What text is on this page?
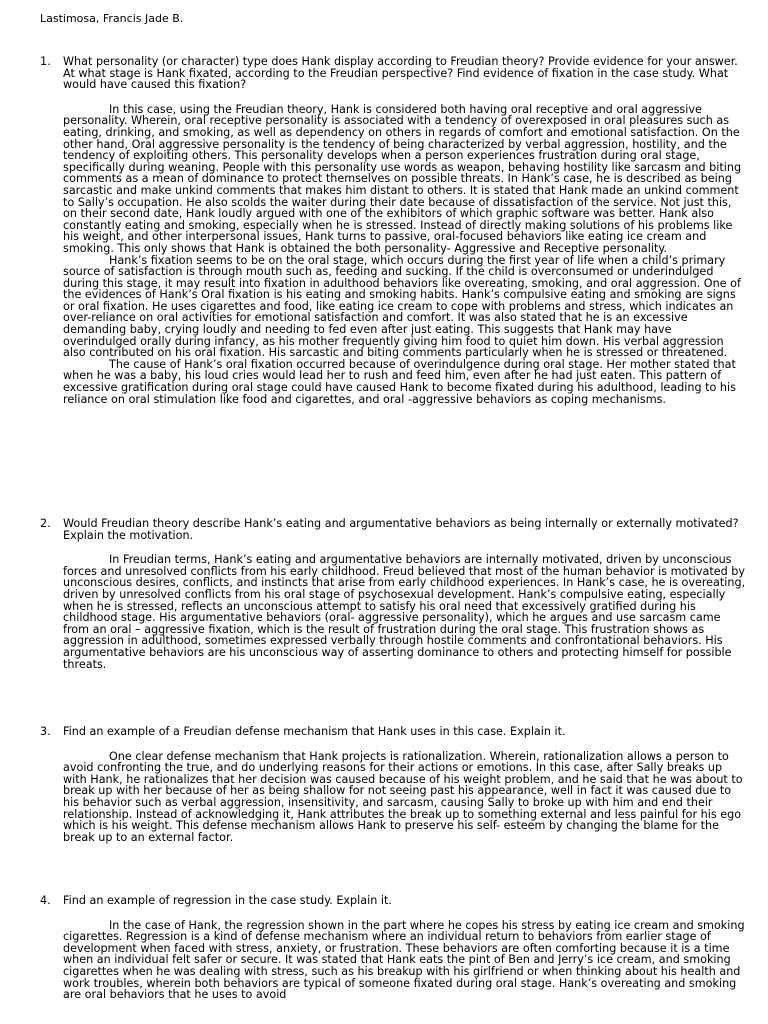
Lastimosa, Francis Jade B.
1.	What personality (or character) type does Hank display according to Freudian theory? Provide evidence for your answer. At what stage is Hank fixated, according to the Freudian perspective? Find evidence of fixation in the case study. What would have caused this fixation?

In this case, using the Freudian theory, Hank is considered both having oral receptive and oral aggressive personality. Wherein, oral receptive personality is associated with a tendency of overexposed in oral pleasures such as eating, drinking, and smoking, as well as dependency on others in regards of comfort and emotional satisfaction. On the other hand, Oral aggressive personality is the tendency of being characterized by verbal aggression, hostility, and the tendency of exploiting others. This personality develops when a person experiences frustration during oral stage, specifically during weaning. People with this personality use words as weapon, behaving hostility like sarcasm and biting comments as a mean of dominance to protect themselves on possible threats. In Hank’s case, he is described as being sarcastic and make unkind comments that makes him distant to others. It is stated that Hank made an unkind comment to Sally’s occupation. He also scolds the waiter during their date because of dissatisfaction of the service. Not just this, on their second date, Hank loudly argued with one of the exhibitors of which graphic software was better. Hank also constantly eating and smoking, especially when he is stressed. Instead of directly making solutions of his problems like his weight, and other interpersonal issues, Hank turns to passive, oral-focused behaviors like eating ice cream and smoking. This only shows that Hank is obtained the both personality- Aggressive and Receptive personality.

Hank’s fixation seems to be on the oral stage, which occurs during the first year of life when a child’s primary source of satisfaction is through mouth such as, feeding and sucking. If the child is overconsumed or underindulged during this stage, it may result into fixation in adulthood behaviors like overeating, smoking, and oral aggression. One of the evidences of Hank’s Oral fixation is his eating and smoking habits. Hank’s compulsive eating and smoking are signs or oral fixation. He uses cigarettes and food, like eating ice cream to cope with problems and stress, which indicates an over-reliance on oral activities for emotional satisfaction and comfort. It was also stated that he is an excessive demanding baby, crying loudly and needing to fed even after just eating. This suggests that Hank may have overindulged orally during infancy, as his mother frequently giving him food to quiet him down. His verbal aggression also contributed on his oral fixation. His sarcastic and biting comments particularly when he is stressed or threatened.

The cause of Hank’s oral fixation occurred because of overindulgence during oral stage. Her mother stated that when he was a baby, his loud cries would lead her to rush and feed him, even after he had just eaten. This pattern of excessive gratification during oral stage could have caused Hank to become fixated during his adulthood, leading to his reliance on oral stimulation like food and cigarettes, and oral -aggressive behaviors as coping mechanisms.

2.	Would Freudian theory describe Hank’s eating and argumentative behaviors as being internally or externally motivated? Explain the motivation.

In Freudian terms, Hank’s eating and argumentative behaviors are internally motivated, driven by unconscious forces and unresolved conflicts from his early childhood. Freud believed that most of the human behavior is motivated by unconscious desires, conflicts, and instincts that arise from early childhood experiences. In Hank’s case, he is overeating, driven by unresolved conflicts from his oral stage of psychosexual development. Hank’s compulsive eating, especially when he is stressed, reflects an unconscious attempt to satisfy his oral need that excessively gratified during his childhood stage. His argumentative behaviors (oral- aggressive personality), which he argues and use sarcasm came from an oral – aggressive fixation, which is the result of frustration during the oral stage. This frustration shows as aggression in adulthood, sometimes expressed verbally through hostile comments and confrontational behaviors. His argumentative behaviors are his unconscious way of asserting dominance to others and protecting himself for possible threats.

3.	Find an example of a Freudian defense mechanism that Hank uses in this case. Explain it.

One clear defense mechanism that Hank projects is rationalization. Wherein, rationalization allows a person to avoid confronting the true, and do underlying reasons for their actions or emotions. In this case, after Sally breaks up with Hank, he rationalizes that her decision was caused because of his weight problem, and he said that he was about to break up with her because of her as being shallow for not seeing past his appearance, well in fact it was caused due to his behavior such as verbal aggression, insensitivity, and sarcasm, causing Sally to broke up with him and end their relationship. Instead of acknowledging it, Hank attributes the break up to something external and less painful for his ego which is his weight. This defense mechanism allows Hank to preserve his self- esteem by changing the blame for the break up to an external factor.

4.	Find an example of regression in the case study. Explain it.

In the case of Hank, the regression shown in the part where he copes his stress by eating ice cream and smoking cigarettes. Regression is a kind of defense mechanism where an individual return to behaviors from earlier stage of development when faced with stress, anxiety, or frustration. These behaviors are often comforting because it is a time when an individual felt safer or secure. It was stated that Hank eats the pint of Ben and Jerry’s ice cream, and smoking cigarettes when he was dealing with stress, such as his breakup with his girlfriend or when thinking about his health and work troubles, wherein both behaviors are typical of someone fixated during oral stage. Hank’s overeating and smoking are oral behaviors that he uses to avoid
